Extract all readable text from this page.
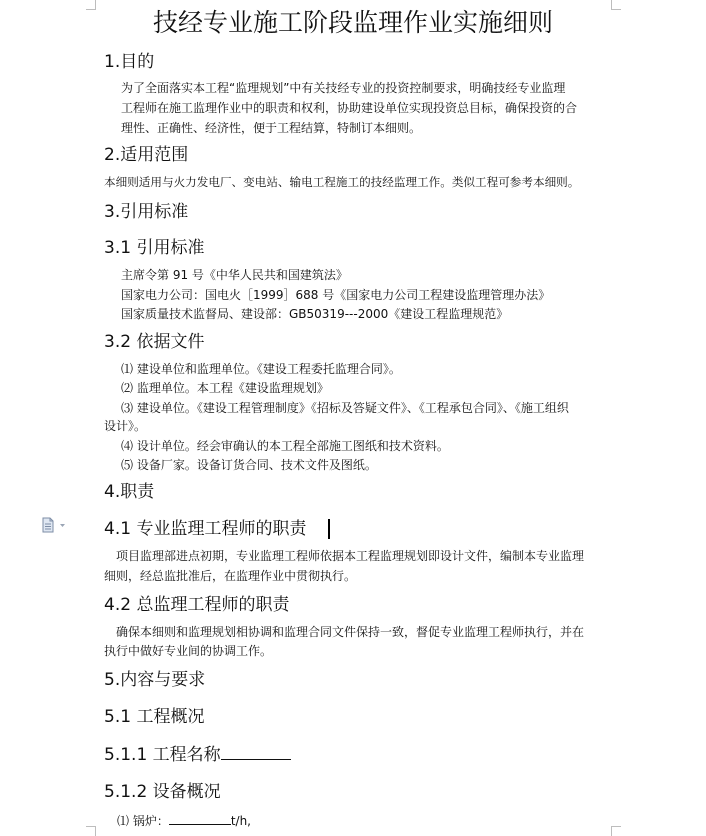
技经专业施工阶段监理作业实施细则
1.目的
为了全面落实本工程“监理规划”中有关技经专业的投资控制要求，明确技经专业监理
工程师在施工监理作业中的职责和权利，协助建设单位实现投资总目标，确保投资的合
理性、正确性、经济性，便于工程结算，特制订本细则。
2.适用范围
本细则适用与火力发电厂、变电站、输电工程施工的技经监理工作。类似工程可参考本细则。
3.引用标准
3.1 引用标准
主席令第 91 号《中华人民共和国建筑法》
国家电力公司：国电火［1999］688 号《国家电力公司工程建设监理管理办法》
国家质量技术监督局、建设部：GB50319---2000《建设工程监理规范》
3.2 依据文件
⑴ 建设单位和监理单位。《建设工程委托监理合同》。
⑵ 监理单位。本工程《建设监理规划》
⑶ 建设单位。《建设工程管理制度》《招标及答疑文件》、《工程承包合同》、《施工组织
设计》。
⑷ 设计单位。经会审确认的本工程全部施工图纸和技术资料。
⑸ 设备厂家。设备订货合同、技术文件及图纸。
4.职责
4.1 专业监理工程师的职责
项目监理部进点初期，专业监理工程师依据本工程监理规划即设计文件，编制本专业监理
细则，经总监批准后，在监理作业中贯彻执行。
4.2 总监理工程师的职责
确保本细则和监理规划相协调和监理合同文件保持一致，督促专业监理工程师执行，并在
执行中做好专业间的协调工作。
5.内容与要求
5.1 工程概况
5.1.1 工程名称
5.1.2 设备概况
⑴ 锅炉：	t/h,
